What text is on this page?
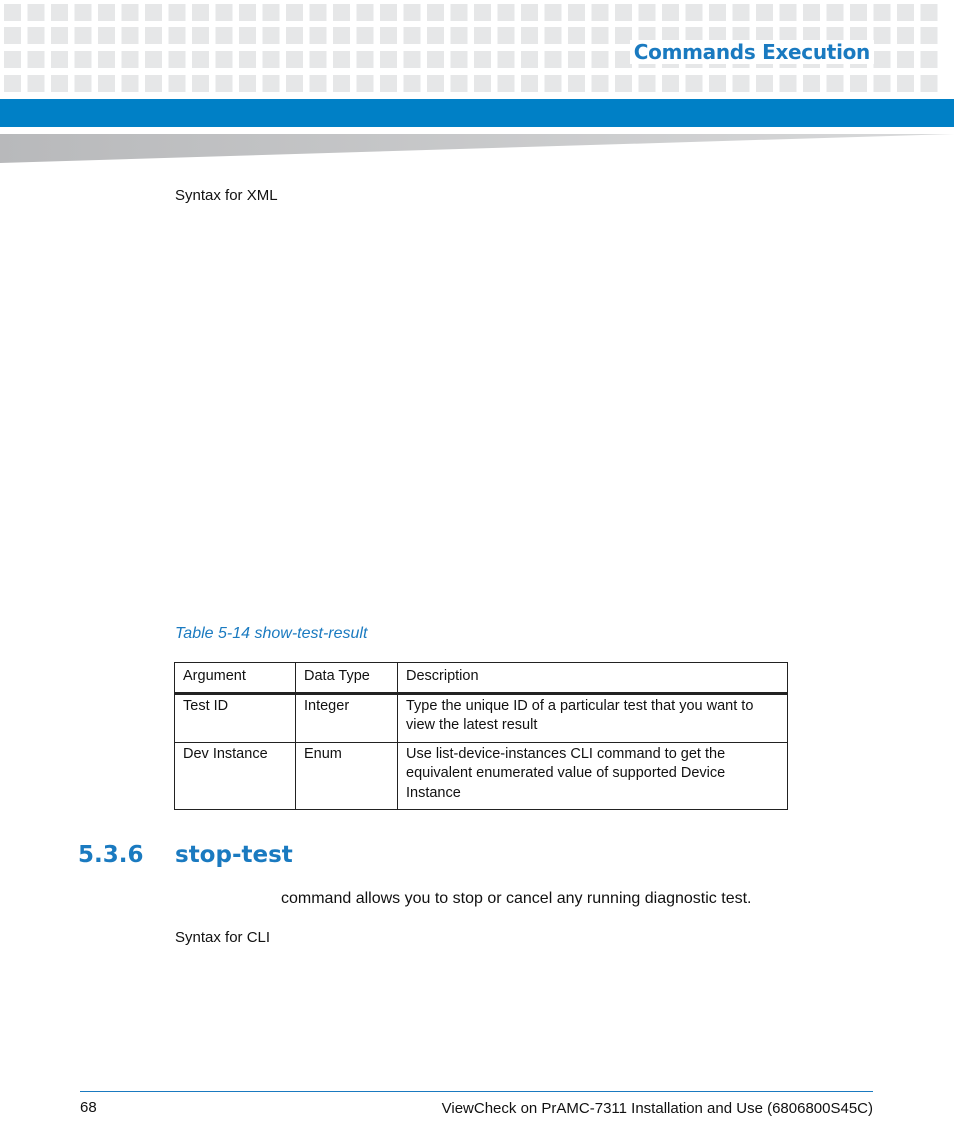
Commands Execution
Syntax for XML
Table 5-14 show-test-result
Argument	Data Type	Description
Test ID	Integer	Type the unique ID of a particular test that you want to view the latest result
Dev Instance	Enum	Use list-device-instances CLI command to get the equivalent enumerated value of supported Device Instance
5.3.6 stop-test
command allows you to stop or cancel any running diagnostic test.
Syntax for CLI
68	ViewCheck on PrAMC-7311 Installation and Use (6806800S45C)
